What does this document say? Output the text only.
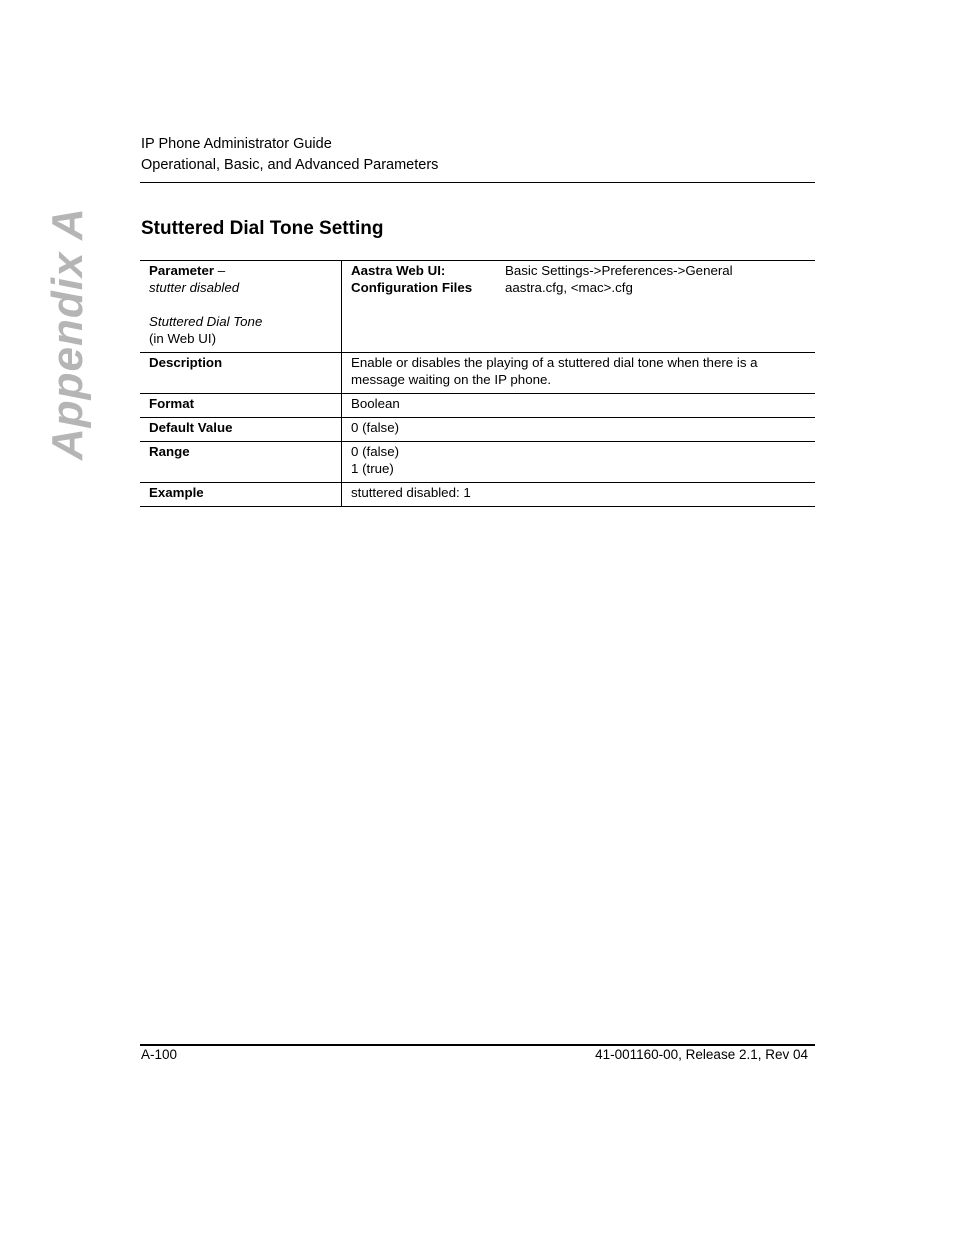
IP Phone Administrator Guide
Operational, Basic, and Advanced Parameters
Appendix A	Stuttered Dial Tone Setting
Parameter –
stutter disabled

Stuttered Dial Tone
(in Web UI)	Aastra Web UI: Basic Settings->Preferences->General
Configuration Files aastra.cfg, <mac>.cfg

Description	Enable or disables the playing of a stuttered dial tone when there is a message waiting on the IP phone.
Format	Boolean
Default Value	0 (false)
Range	0 (false)
1 (true)
Example	stuttered disabled: 1
A-100	41-001160-00, Release 2.1, Rev 04
